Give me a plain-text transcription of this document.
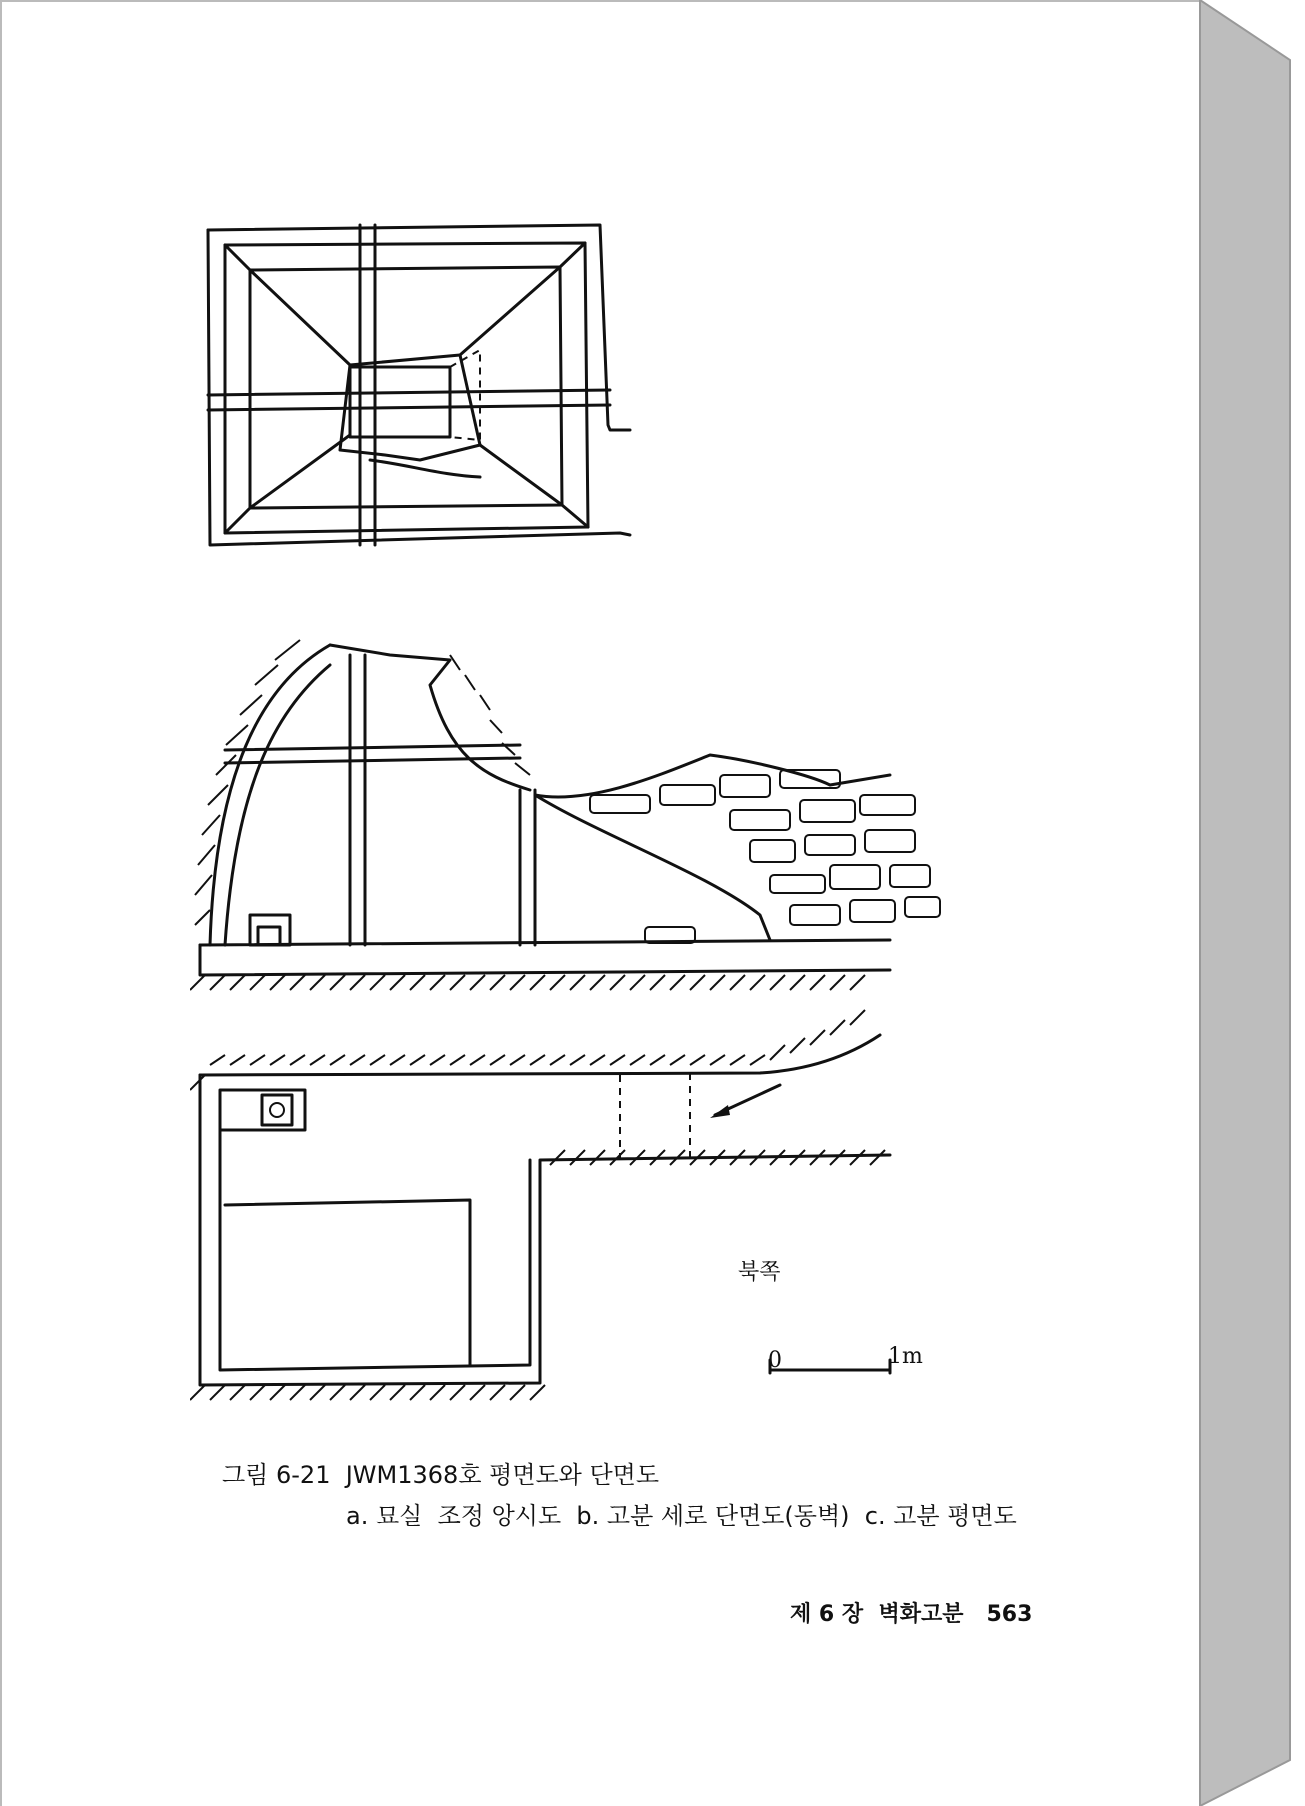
북쪽
0	1m
그림 6-21  JWM1368호 평면도와 단면도
a. 묘실  조정 앙시도  b. 고분 세로 단면도(동벽)  c. 고분 평면도
제 6 장  벽화고분 563
